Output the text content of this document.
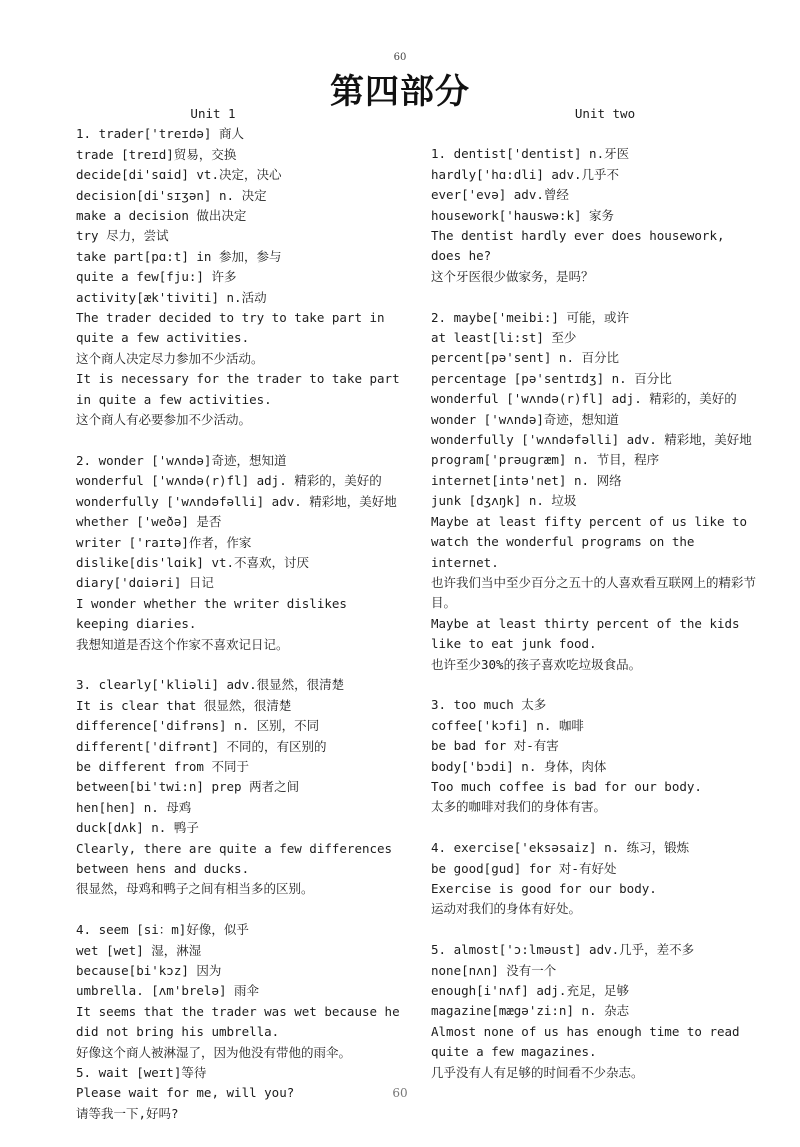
60
第四部分
Unit 1
1. trader['treɪdə] 商人
trade [treɪd]贸易，交换
decide[di'sɑid] vt.决定，决心
decision[di'sɪʒən] n. 决定
make a decision 做出决定
try 尽力，尝试
take part[pɑ:t] in 参加，参与
quite a few[fju:] 许多
activity[æk'tiviti] n.活动
The trader decided to try to take part in quite a few activities.
这个商人决定尽力参加不少活动。
It is necessary for the trader to take part in quite a few activities.
这个商人有必要参加不少活动。
2. wonder ['wʌndə]奇迹，想知道
wonderful ['wʌndə(r)fl] adj. 精彩的，美好的
wonderfully ['wʌndəfəlli] adv. 精彩地，美好地
whether ['weðə] 是否
writer ['raɪtə]作者，作家
dislike[dis'lɑik] vt.不喜欢，讨厌
diary['dɑiəri] 日记
I wonder whether the writer dislikes keeping diaries.
我想知道是否这个作家不喜欢记日记。
3. clearly['kliəli] adv.很显然，很清楚
It is clear that 很显然，很清楚
difference['difrəns] n. 区别，不同
different['difrənt] 不同的，有区别的
be different from 不同于
between[bi'twi:n] prep 两者之间
hen[hen] n. 母鸡
duck[dʌk] n. 鸭子
Clearly, there are quite a few differences between hens and ducks.
很显然，母鸡和鸭子之间有相当多的区别。
4. seem [si：m]好像，似乎
wet [wet] 湿，淋湿
because[bi'kɔz] 因为
umbrella. [ʌm'brelə] 雨伞
It seems that the trader was wet because he did not bring his umbrella.
好像这个商人被淋湿了，因为他没有带他的雨伞。
5. wait [weɪt]等待
Please wait for me, will you?
请等我一下,好吗?
Unit two
1. dentist['dentist] n.牙医
hardly['hɑ:dli] adv.几乎不
ever['evə] adv.曾经
housework['hauswə:k] 家务
The dentist hardly ever does housework, does he?
这个牙医很少做家务，是吗？
2. maybe['meibi:] 可能，或许
at least[li:st] 至少
percent[pə'sent] n. 百分比
percentage [pə'sentɪdʒ] n. 百分比
wonderful ['wʌndə(r)fl] adj. 精彩的，美好的
wonder ['wʌndə]奇迹，想知道
wonderfully ['wʌndəfəlli] adv. 精彩地，美好地
program['prəugræm] n. 节目，程序
internet[intə'net] n. 网络
junk [dʒʌŋk] n. 垃圾
Maybe at least fifty percent of us like to watch the wonderful programs on the internet.
也许我们当中至少百分之五十的人喜欢看互联网上的精彩节目。
Maybe at least thirty percent of the kids like to eat junk food.
也许至少30%的孩子喜欢吃垃圾食品。
3. too much 太多
coffee['kɔfi] n. 咖啡
be bad for 对-有害
body['bɔdi] n. 身体，肉体
Too much coffee is bad for our body.
太多的咖啡对我们的身体有害。
4. exercise['eksəsaiz] n. 练习，锻炼
be good[gud] for 对-有好处
Exercise is good for our body.
运动对我们的身体有好处。
5. almost['ɔ:lməust] adv.几乎，差不多
none[nʌn] 没有一个
enough[i'nʌf] adj.充足，足够
magazine[mægə'zi:n] n. 杂志
Almost none of us has enough time to read quite a few magazines.
几乎没有人有足够的时间看不少杂志。
60
